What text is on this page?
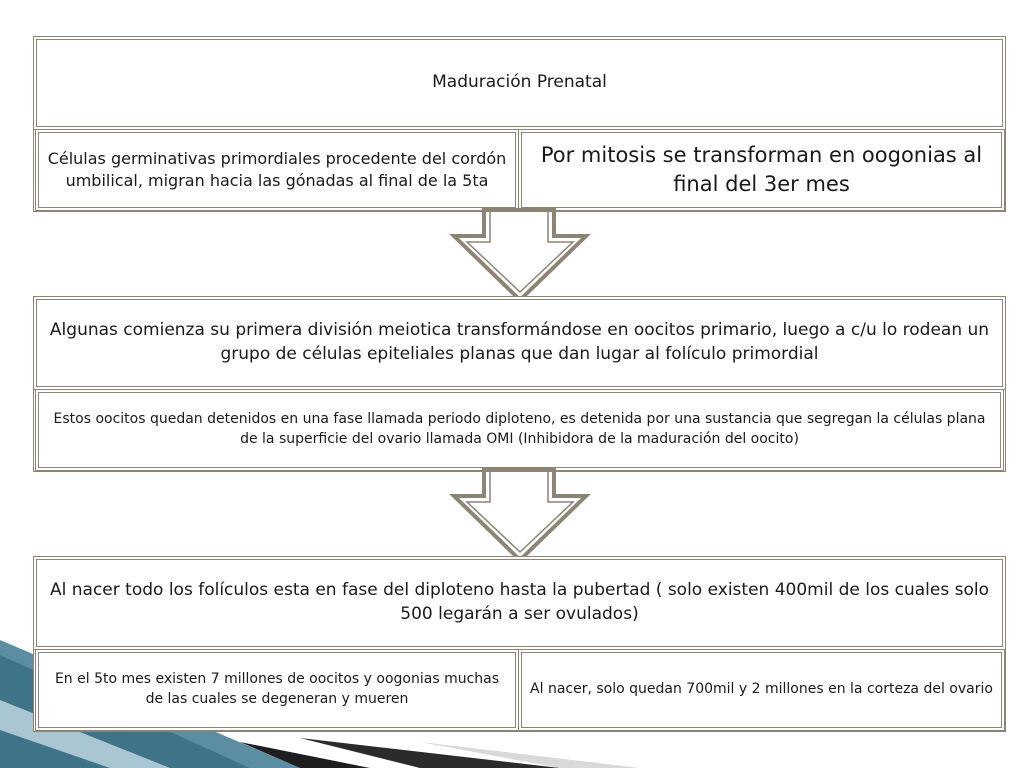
Maduración Prenatal
Células germinativas primordiales procedente del cordón umbilical, migran hacia las gónadas al final de la 5ta
Por mitosis se transforman en oogonias al final del 3er mes
Algunas comienza su primera división meiotica transformándose en oocitos primario, luego a c/u lo rodean un grupo de células epiteliales planas que dan lugar al folículo primordial
Estos oocitos quedan detenidos en una fase llamada periodo diploteno, es detenida por una sustancia que segregan la células plana de la superficie del ovario llamada OMI (Inhibidora de la maduración del oocito)
Al nacer todo los folículos esta en fase del diploteno hasta la pubertad ( solo existen 400mil de los cuales solo 500 legarán a ser ovulados)
En el 5to mes existen 7 millones de oocitos y oogonias muchas de las cuales se degeneran y mueren
Al nacer, solo quedan 700mil y 2 millones en la corteza del ovario
